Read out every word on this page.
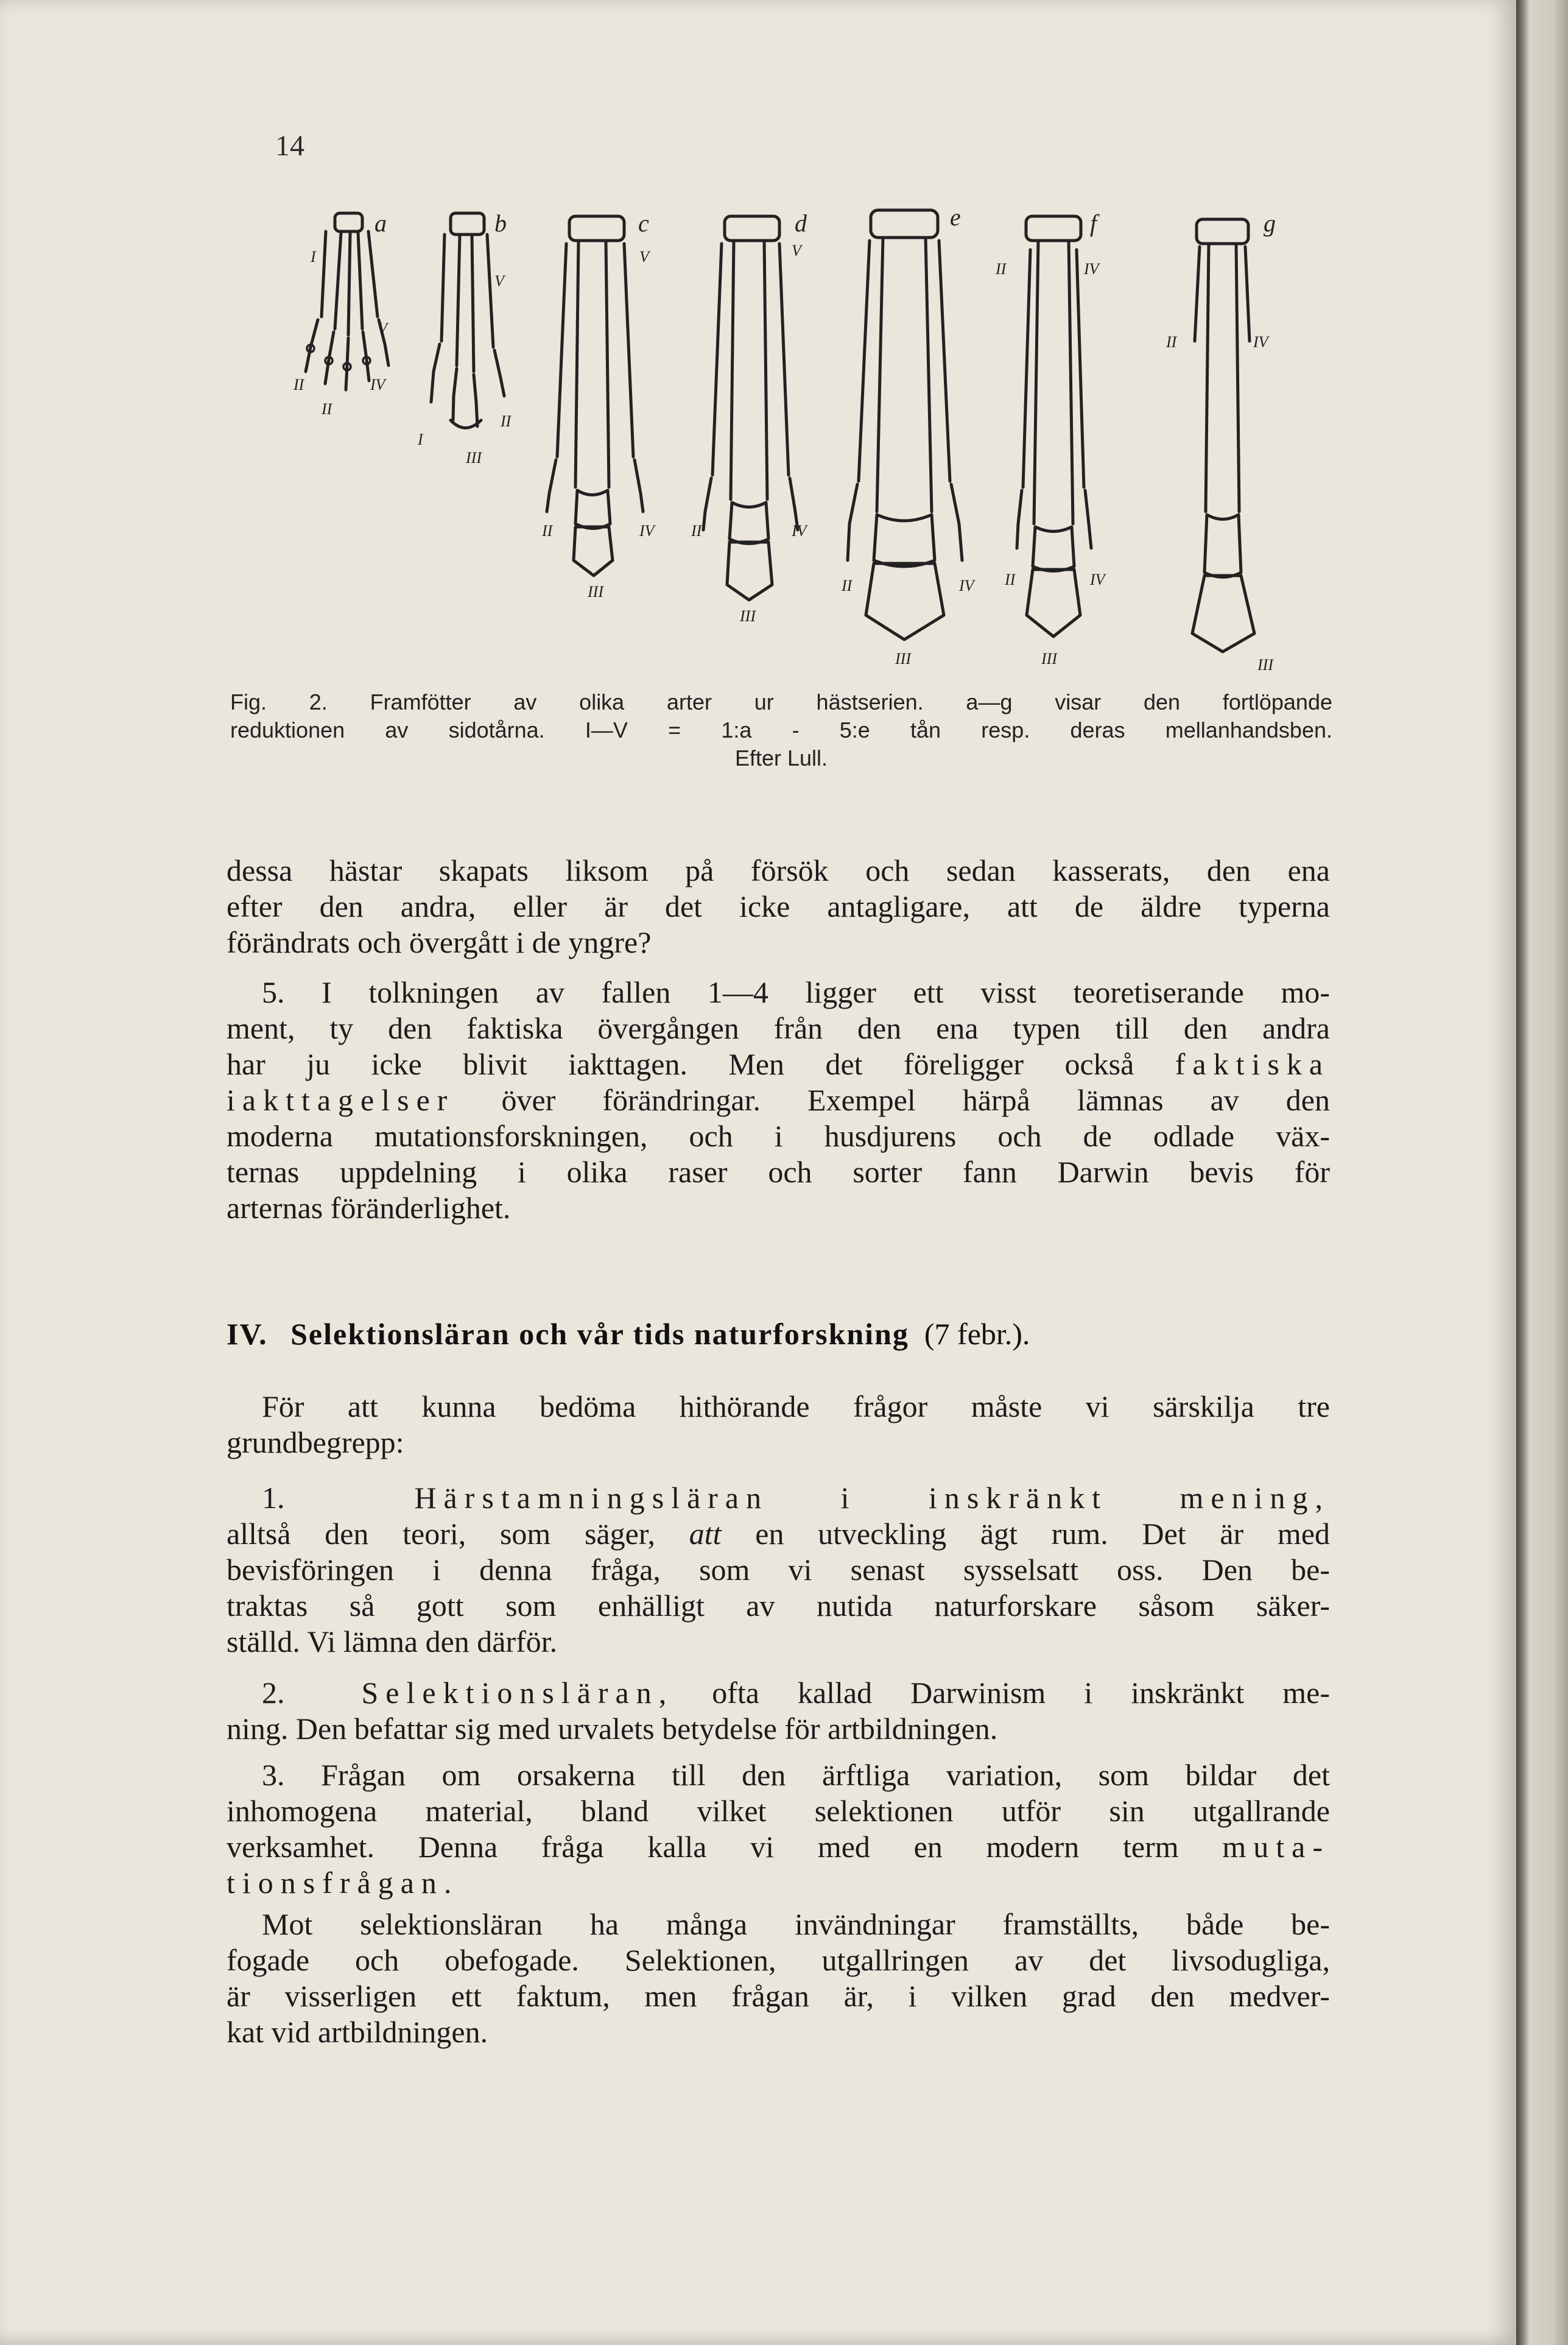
14
a
I
II
II
IV
V
b
V
I
II
III
c
V
II	IV
III
d
V
II	IV
III
e
II	IV
III
f
II	IV
II	IV
III
g
II	IV
III
Fig. 2. Framfötter av olika arter ur hästserien. a—g visar den fortlöpande
reduktionen av sidotårna. I—V = 1:a - 5:e tån resp. deras mellanhandsben.
Efter Lull.
dessa hästar skapats liksom på försök och sedan kasserats, den ena
efter den andra, eller är det icke antagligare, att de äldre typerna
förändrats och övergått i de yngre?
5. I tolkningen av fallen 1—4 ligger ett visst teoretiserande mo-
ment, ty den faktiska övergången från den ena typen till den andra
har ju icke blivit iakttagen. Men det föreligger också faktiska
iakttagelser över förändringar. Exempel härpå lämnas av den
moderna mutationsforskningen, och i husdjurens och de odlade väx-
ternas uppdelning i olika raser och sorter fann Darwin bevis för
arternas föränderlighet.
IV. Selektionsläran och vår tids naturforskning (7 febr.).
För att kunna bedöma hithörande frågor måste vi särskilja tre
grundbegrepp:
1.	Härstamningsläran i inskränkt mening,
alltså den teori, som säger, att en utveckling ägt rum. Det är med
bevisföringen i denna fråga, som vi senast sysselsatt oss. Den be-
traktas så gott som enhälligt av nutida naturforskare såsom säker-
ställd. Vi lämna den därför.
2.	Selektionsläran, ofta kallad Darwinism i inskränkt me-
ning. Den befattar sig med urvalets betydelse för artbildningen.
3. Frågan om orsakerna till den ärftliga variation, som bildar det
inhomogena material, bland vilket selektionen utför sin utgallrande
verksamhet. Denna fråga kalla vi med en modern term muta-
tionsfrågan.
Mot selektionsläran ha många invändningar framställts, både be-
fogade och obefogade. Selektionen, utgallringen av det livsodugliga,
är visserligen ett faktum, men frågan är, i vilken grad den medver-
kat vid artbildningen.
